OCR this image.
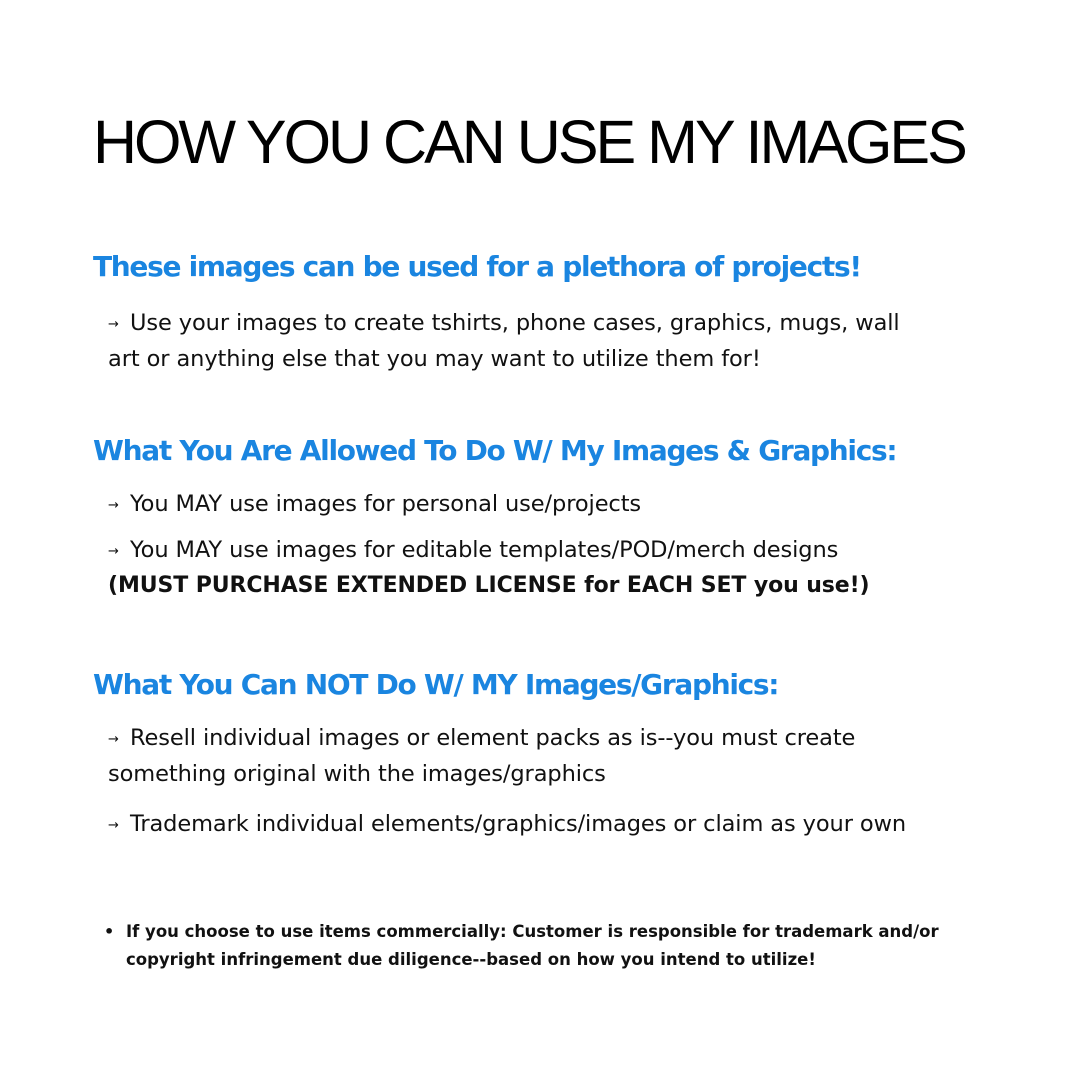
HOW YOU CAN USE MY IMAGES
These images can be used for a plethora of projects!

→ Use your images to create tshirts, phone cases, graphics, mugs, wall

art or anything else that you may want to utilize them for!

What You Are Allowed To Do W/ My Images & Graphics:

→ You MAY use images for personal use/projects

→ You MAY use images for editable templates/POD/merch designs

(MUST PURCHASE EXTENDED LICENSE for EACH SET you use!)

What You Can NOT Do W/ MY Images/Graphics:

→ Resell individual images or element packs as is--you must create

something original with the images/graphics

→ Trademark individual elements/graphics/images or claim as your own

• If you choose to use items commercially: Customer is responsible for trademark and/or copyright infringement due diligence--based on how you intend to utilize!
